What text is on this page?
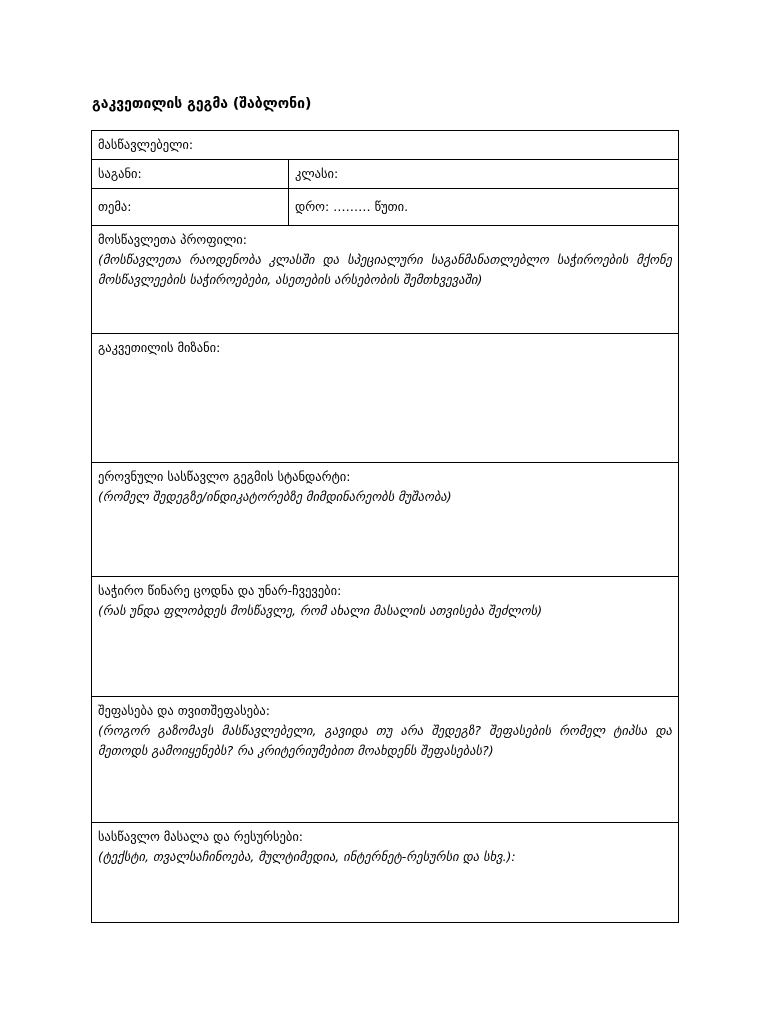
გაკვეთილის გეგმა (შაბლონი)
მასწავლებელი:	
საგანი:	კლასი:
თემა:	დრო: ……… წუთი.
მოსწავლეთა პროფილი:
(მოსწავლეთა რაოდენობა კლასში და სპეციალური საგანმანათლებლო საჭიროების მქონე მოსწავლეების საჭიროებები, ასეთების არსებობის შემთხვევაში)	

გაკვეთილის მიზანი:	
ეროვნული სასწავლო გეგმის სტანდარტი:
(რომელ შედეგზე/ინდიკატორებზე მიმდინარეობს მუშაობა)	

საჭირო წინარე ცოდნა და უნარ-ჩვევები:
(რას უნდა ფლობდეს მოსწავლე, რომ ახალი მასალის ათვისება შეძლოს)	

შეფასება და თვითშეფასება:
(როგორ გაზომავს მასწავლებელი, გავიდა თუ არა შედეგზ? შეფასების რომელ ტიპსა და მეთოდს გამოიყენებს? რა კრიტერიუმებით მოახდენს შეფასებას?)	

სასწავლო მასალა და რესურსები:
(ტექსტი, თვალსაჩინოება, მულტიმედია, ინტერნეტ-რესურსი და სხვ.):	
